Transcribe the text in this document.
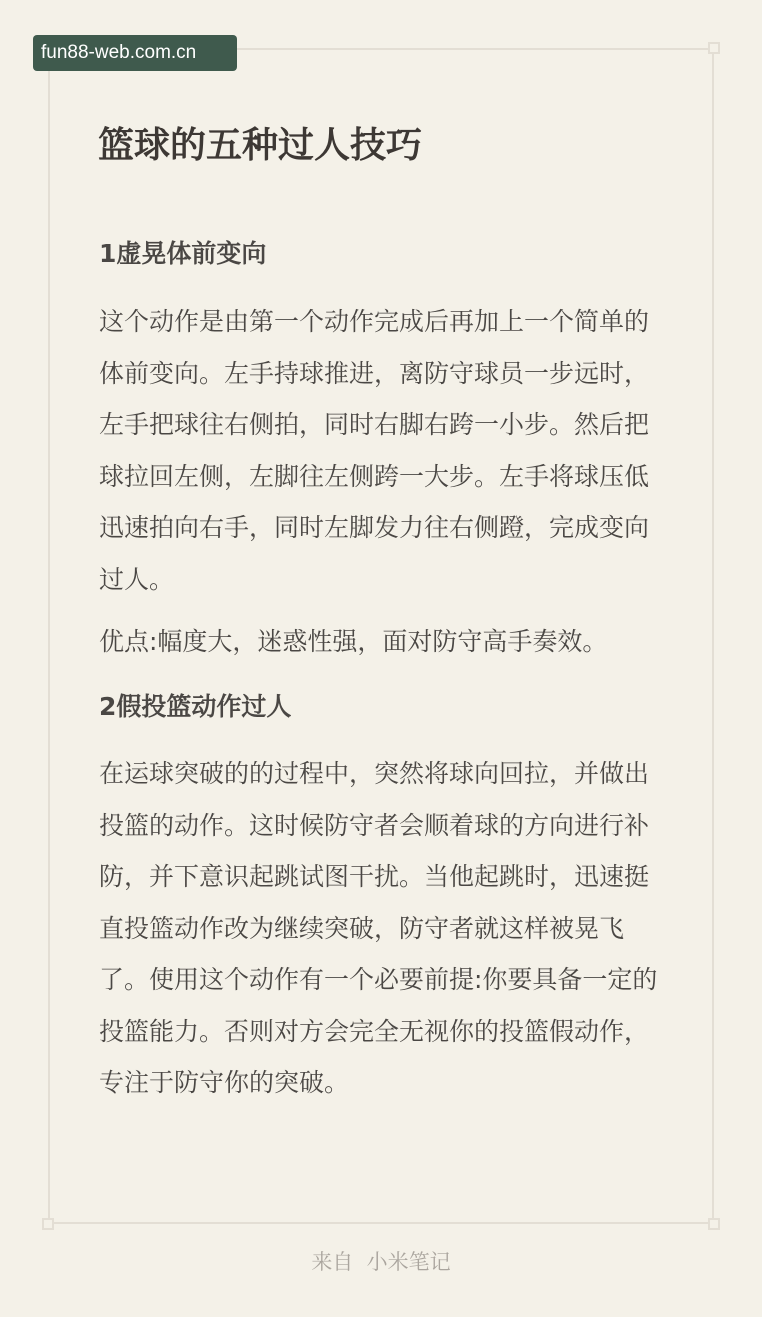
fun88-web.com.cn
篮球的五种过人技巧
1虚晃体前变向

这个动作是由第一个动作完成后再加上一个简单的体前变向。左手持球推进，离防守球员一步远时，左手把球往右侧拍，同时右脚右跨一小步。然后把球拉回左侧，左脚往左侧跨一大步。左手将球压低迅速拍向右手，同时左脚发力往右侧蹬，完成变向过人。

优点:幅度大，迷惑性强，面对防守高手奏效。

2假投篮动作过人

在运球突破的的过程中，突然将球向回拉，并做出投篮的动作。这时候防守者会顺着球的方向进行补防，并下意识起跳试图干扰。当他起跳时，迅速挺直投篮动作改为继续突破，防守者就这样被晃飞了。使用这个动作有一个必要前提:你要具备一定的投篮能力。否则对方会完全无视你的投篮假动作，专注于防守你的突破。

来自  小米笔记
